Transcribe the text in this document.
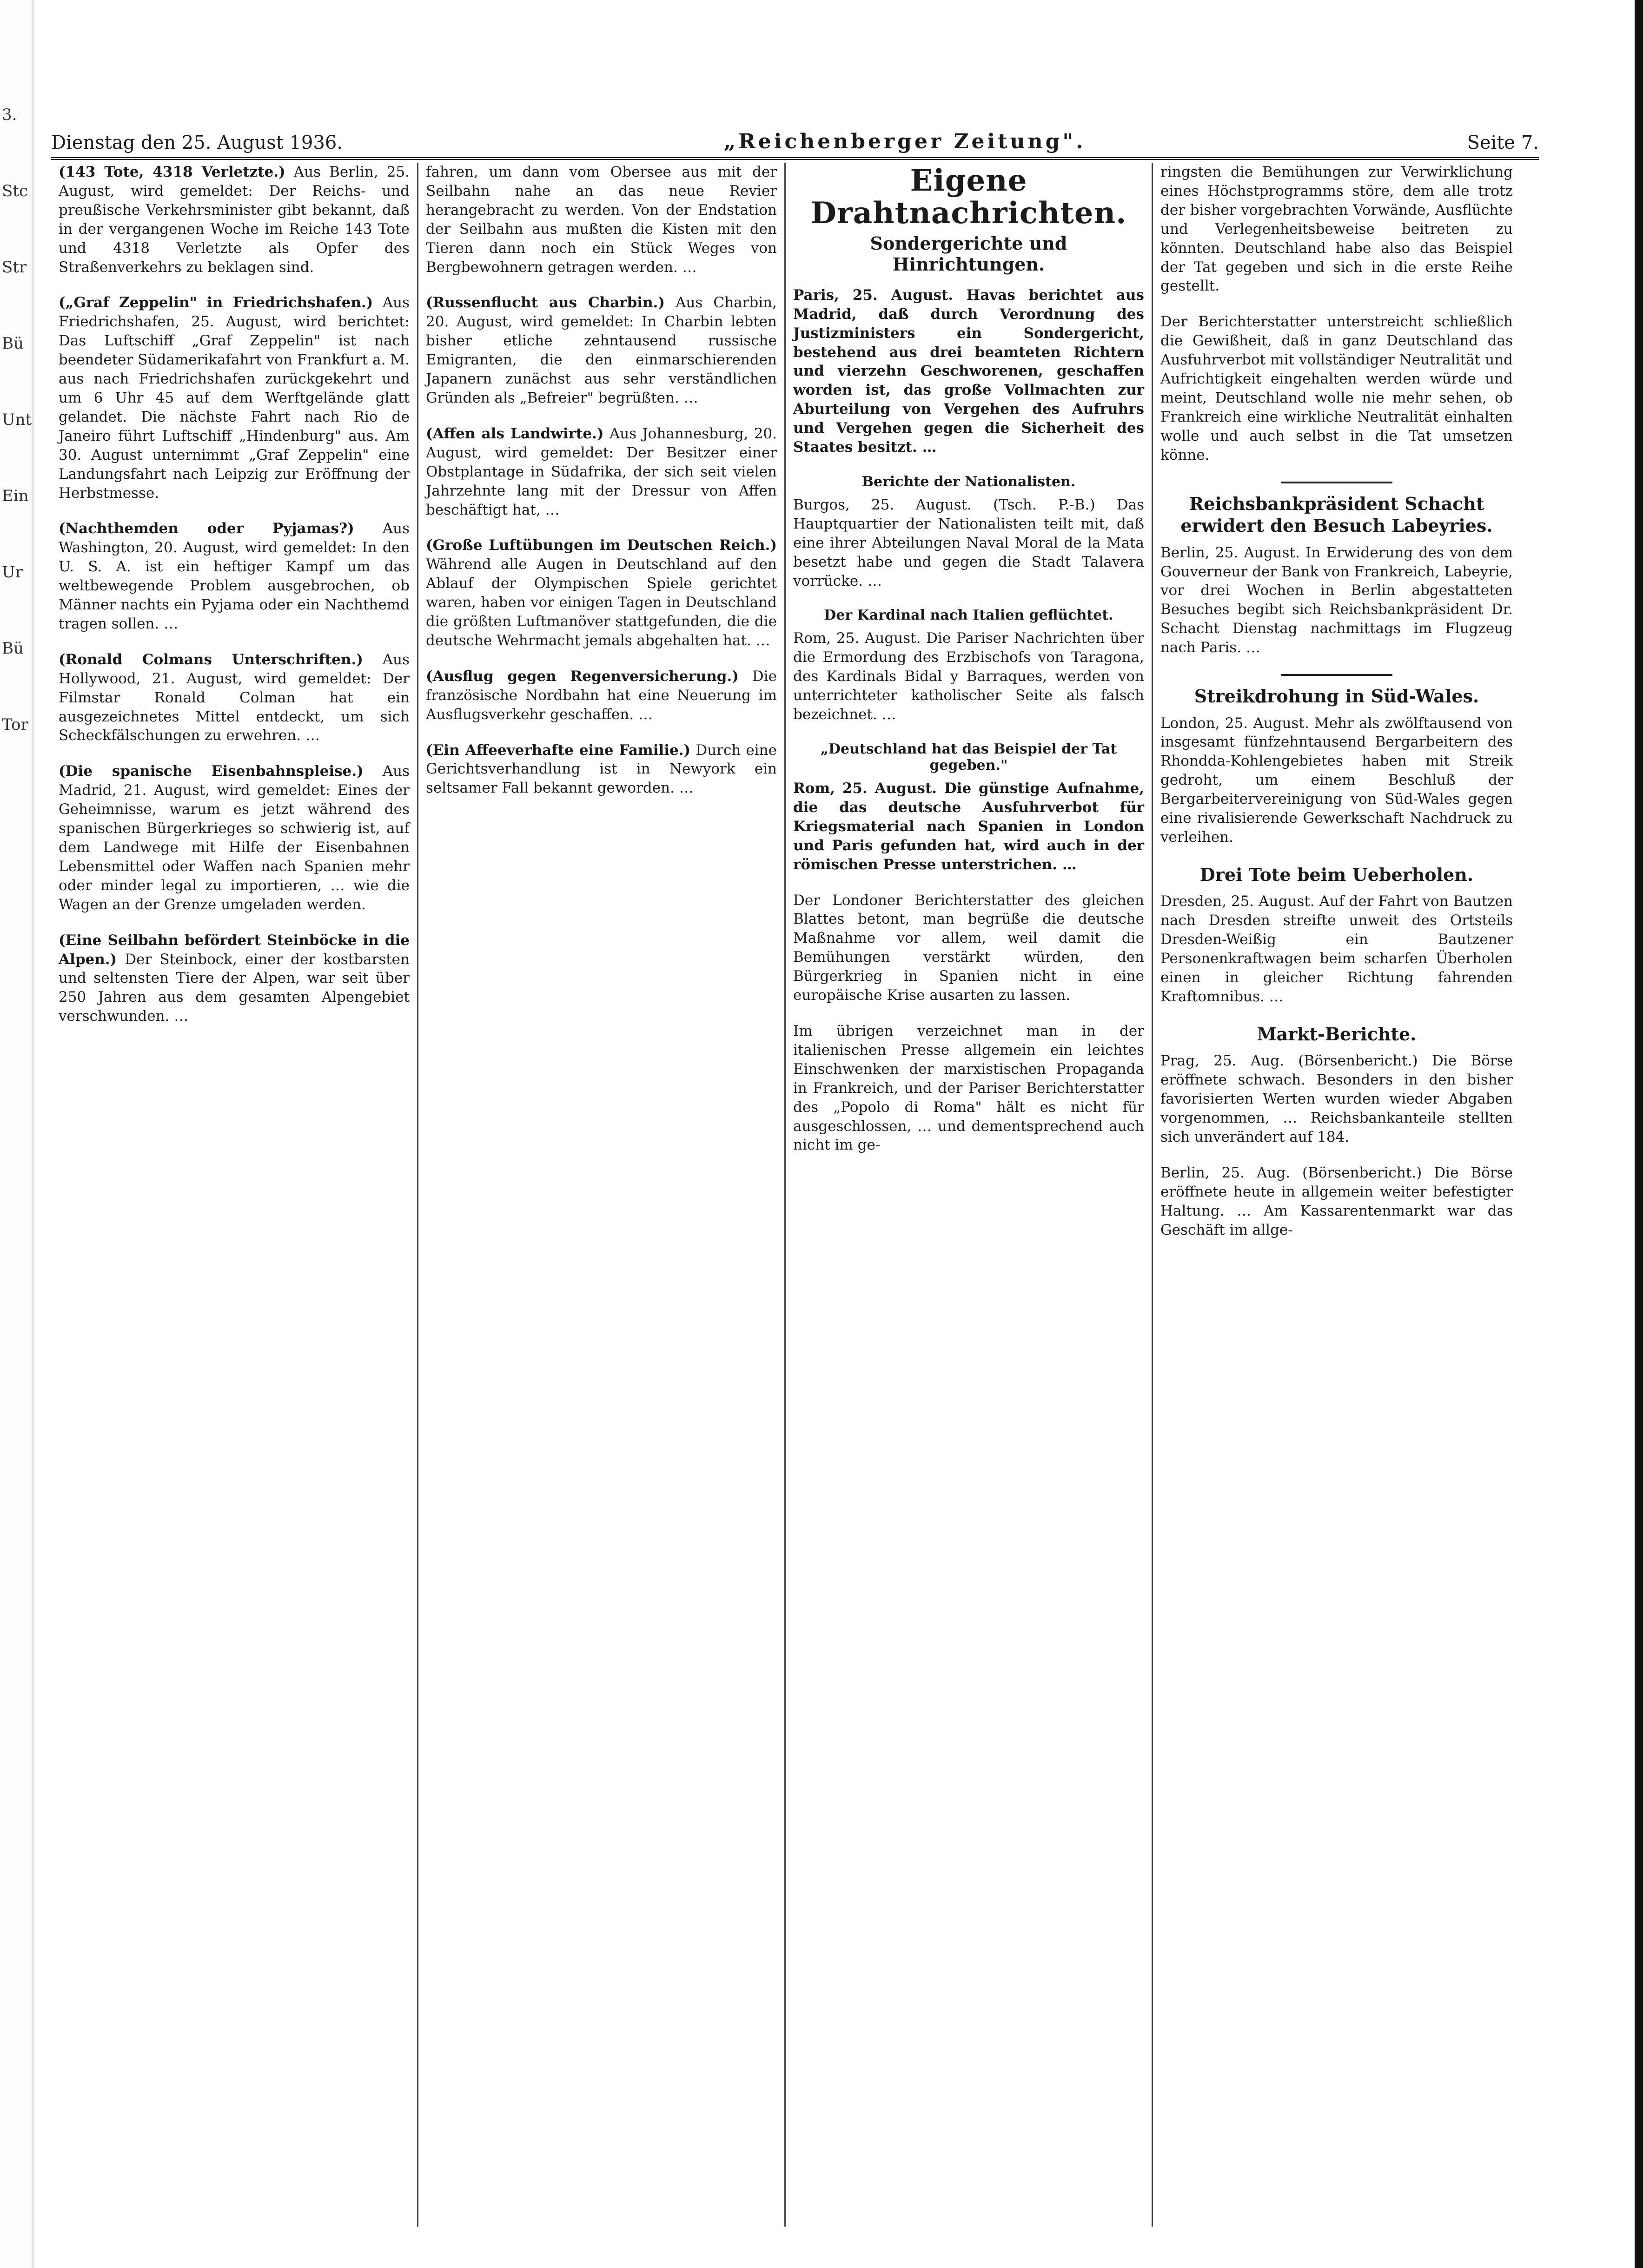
3.
Stc
Str
Bü
Unt
Ein
Ur
Bü
Tor
Dienstag den 25. August 1936.	„Reichenberger Zeitung".	Seite 7.

(143 Tote, 4318 Verletzte.) Aus Berlin, 25. August, wird gemeldet: Der Reichs- und preußische Verkehrsminister gibt bekannt, daß in der vergangenen Woche im Reiche 143 Tote und 4318 Verletzte als Opfer des Straßenverkehrs zu beklagen sind.

(„Graf Zeppelin" in Friedrichshafen.) Aus Friedrichshafen, 25. August, wird berichtet: Das Luftschiff „Graf Zeppelin" ist nach beendeter Südamerikafahrt von Frankfurt a. M. aus nach Friedrichshafen zurückgekehrt und um 6 Uhr 45 auf dem Werftgelände glatt gelandet. Die nächste Fahrt nach Rio de Janeiro führt Luftschiff „Hindenburg" aus. Am 30. August unternimmt „Graf Zeppelin" eine Landungsfahrt nach Leipzig zur Eröffnung der Herbstmesse.

(Nachthemden oder Pyjamas?) Aus Washington, 20. August, wird gemeldet: In den U. S. A. ist ein heftiger Kampf um das weltbewegende Problem ausgebrochen, ob Männer nachts ein Pyjama oder ein Nachthemd tragen sollen. …

(Ronald Colmans Unterschriften.) Aus Hollywood, 21. August, wird gemeldet: Der Filmstar Ronald Colman hat ein ausgezeichnetes Mittel entdeckt, um sich Scheckfälschungen zu erwehren. …

(Die spanische Eisenbahnspleise.) Aus Madrid, 21. August, wird gemeldet: Eines der Geheimnisse, warum es jetzt während des spanischen Bürgerkrieges so schwierig ist, auf dem Landwege mit Hilfe der Eisenbahnen Lebensmittel oder Waffen nach Spanien mehr oder minder legal zu importieren, … wie die Wagen an der Grenze umgeladen werden.

(Eine Seilbahn befördert Steinböcke in die Alpen.) Der Steinbock, einer der kostbarsten und seltensten Tiere der Alpen, war seit über 250 Jahren aus dem gesamten Alpengebiet verschwunden. …

fahren, um dann vom Obersee aus mit der Seilbahn nahe an das neue Revier herangebracht zu werden. Von der Endstation der Seilbahn aus mußten die Kisten mit den Tieren dann noch ein Stück Weges von Bergbewohnern getragen werden. …

(Russenflucht aus Charbin.) Aus Charbin, 20. August, wird gemeldet: In Charbin lebten bisher etliche zehntausend russische Emigranten, die den einmarschierenden Japanern zunächst aus sehr verständlichen Gründen als „Befreier" begrüßten. …

(Affen als Landwirte.) Aus Johannesburg, 20. August, wird gemeldet: Der Besitzer einer Obstplantage in Südafrika, der sich seit vielen Jahrzehnte lang mit der Dressur von Affen beschäftigt hat, …

(Große Luftübungen im Deutschen Reich.) Während alle Augen in Deutschland auf den Ablauf der Olympischen Spiele gerichtet waren, haben vor einigen Tagen in Deutschland die größten Luftmanöver stattgefunden, die die deutsche Wehrmacht jemals abgehalten hat. …

(Ausflug gegen Regenversicherung.) Die französische Nordbahn hat eine Neuerung im Ausflugsverkehr geschaffen. …

(Ein Affeeverhafte eine Familie.) Durch eine Gerichtsverhandlung ist in Newyork ein seltsamer Fall bekannt geworden. …

Eigene Drahtnachrichten.
Sondergerichte und Hinrichtungen.

Paris, 25. August. Havas berichtet aus Madrid, daß durch Verordnung des Justizministers ein Sondergericht, bestehend aus drei beamteten Richtern und vierzehn Geschworenen, geschaffen worden ist, das große Vollmachten zur Aburteilung von Vergehen des Aufruhrs und Vergehen gegen die Sicherheit des Staates besitzt. …

Berichte der Nationalisten.

Burgos, 25. August. (Tsch. P.-B.) Das Hauptquartier der Nationalisten teilt mit, daß eine ihrer Abteilungen Naval Moral de la Mata besetzt habe und gegen die Stadt Talavera vorrücke. …

Der Kardinal nach Italien geflüchtet.

Rom, 25. August. Die Pariser Nachrichten über die Ermordung des Erzbischofs von Taragona, des Kardinals Bidal y Barraques, werden von unterrichteter katholischer Seite als falsch bezeichnet. …

„Deutschland hat das Beispiel der Tat gegeben."

Rom, 25. August. Die günstige Aufnahme, die das deutsche Ausfuhrverbot für Kriegsmaterial nach Spanien in London und Paris gefunden hat, wird auch in der römischen Presse unterstrichen. …

Der Londoner Berichterstatter des gleichen Blattes betont, man begrüße die deutsche Maßnahme vor allem, weil damit die Bemühungen verstärkt würden, den Bürgerkrieg in Spanien nicht in eine europäische Krise ausarten zu lassen.

Im übrigen verzeichnet man in der italienischen Presse allgemein ein leichtes Einschwenken der marxistischen Propaganda in Frankreich, und der Pariser Berichterstatter des „Popolo di Roma" hält es nicht für ausgeschlossen, … und dementsprechend auch nicht im ge-

ringsten die Bemühungen zur Verwirklichung eines Höchstprogramms störe, dem alle trotz der bisher vorgebrachten Vorwände, Ausflüchte und Verlegenheitsbeweise beitreten zu könnten. Deutschland habe also das Beispiel der Tat gegeben und sich in die erste Reihe gestellt.

Der Berichterstatter unterstreicht schließlich die Gewißheit, daß in ganz Deutschland das Ausfuhrverbot mit vollständiger Neutralität und Aufrichtigkeit eingehalten werden würde und meint, Deutschland wolle nie mehr sehen, ob Frankreich eine wirkliche Neutralität einhalten wolle und auch selbst in die Tat umsetzen könne.

Reichsbankpräsident Schacht erwidert den Besuch Labeyries.

Berlin, 25. August. In Erwiderung des von dem Gouverneur der Bank von Frankreich, Labeyrie, vor drei Wochen in Berlin abgestatteten Besuches begibt sich Reichsbankpräsident Dr. Schacht Dienstag nachmittags im Flugzeug nach Paris. …

Streikdrohung in Süd-Wales.

London, 25. August. Mehr als zwölftausend von insgesamt fünfzehntausend Bergarbeitern des Rhondda-Kohlengebietes haben mit Streik gedroht, um einem Beschluß der Bergarbeitervereinigung von Süd-Wales gegen eine rivalisierende Gewerkschaft Nachdruck zu verleihen.

Drei Tote beim Ueberholen.

Dresden, 25. August. Auf der Fahrt von Bautzen nach Dresden streifte unweit des Ortsteils Dresden-Weißig ein Bautzener Personenkraftwagen beim scharfen Überholen einen in gleicher Richtung fahrenden Kraftomnibus. …

Markt-Berichte.

Prag, 25. Aug. (Börsenbericht.) Die Börse eröffnete schwach. Besonders in den bisher favorisierten Werten wurden wieder Abgaben vorgenommen, … Reichsbankanteile stellten sich unverändert auf 184.

Berlin, 25. Aug. (Börsenbericht.) Die Börse eröffnete heute in allgemein weiter befestigter Haltung. … Am Kassarentenmarkt war das Geschäft im allge-
